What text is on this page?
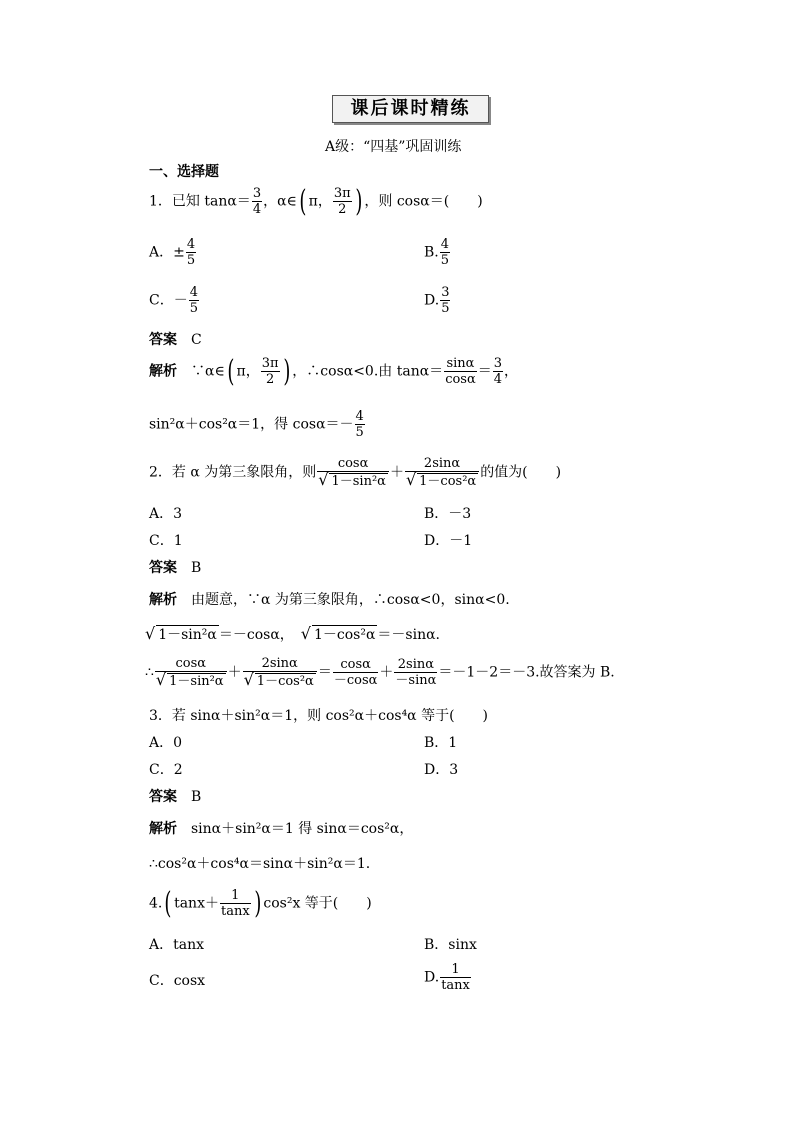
课后课时精练
A级：“四基”巩固训练
一、选择题
1．已知 $\tan\alpha= \frac{3}{4}$ ，α∈( π， $\frac{3\pi}{2}$ ) ，则 cosα＝(　　)
A．± $\frac{4}{5}$	B. $\frac{4}{5}$
C．－ $\frac{4}{5}$	D. $\frac{3}{5}$
答案　 C
解析　 ∵α∈( π， $\frac{3\pi}{2}$ ) ，∴cosα<0.由 $\tan\alpha= \frac{\sin\alpha}{\cos\alpha} = \frac{3}{4}$ ，
sin²α＋cos²α＝1，得 $\cos\alpha=- \frac{4}{5}$
2．若 α 为第三象限角，则 $\frac{\cos\alpha}{\text{√ 1－sin²α}} + \frac{2\sin\alpha}{\text{√ 1－cos²α}}$ 的值为(　　)
A．3	B．－3
C．1	D．－1
答案　 B
解析　 由题意，∵α 为第三象限角，∴cosα<0，sinα<0.
√ 1－sin²α ＝－cosα，　 √ 1－cos²α ＝－sinα.
∴ $\frac{\cos\alpha}{\text{√ 1－sin²α}} + \frac{2\sin\alpha}{\text{√ 1－cos²α}} = \frac{\cos\alpha}{-\cos\alpha} + \frac{2\sin\alpha}{-\sin\alpha} =-1-2=-3$.故答案为 B.
3．若 sinα＋sin²α＝1，则 cos²α＋cos⁴α 等于(　　)
A．0	B．1
C．2	D．3
答案　 B
解析　 sinα＋sin²α＝1 得 sinα＝cos²α，
∴cos²α＋cos⁴α＝sinα＋sin²α＝1.
4.( $\tan x+ \frac{1}{\tan x}$ ) cos²x 等于(　　)
A．tanx	B．sinx
C．cosx	D. $\frac{1}{\tan x}$
